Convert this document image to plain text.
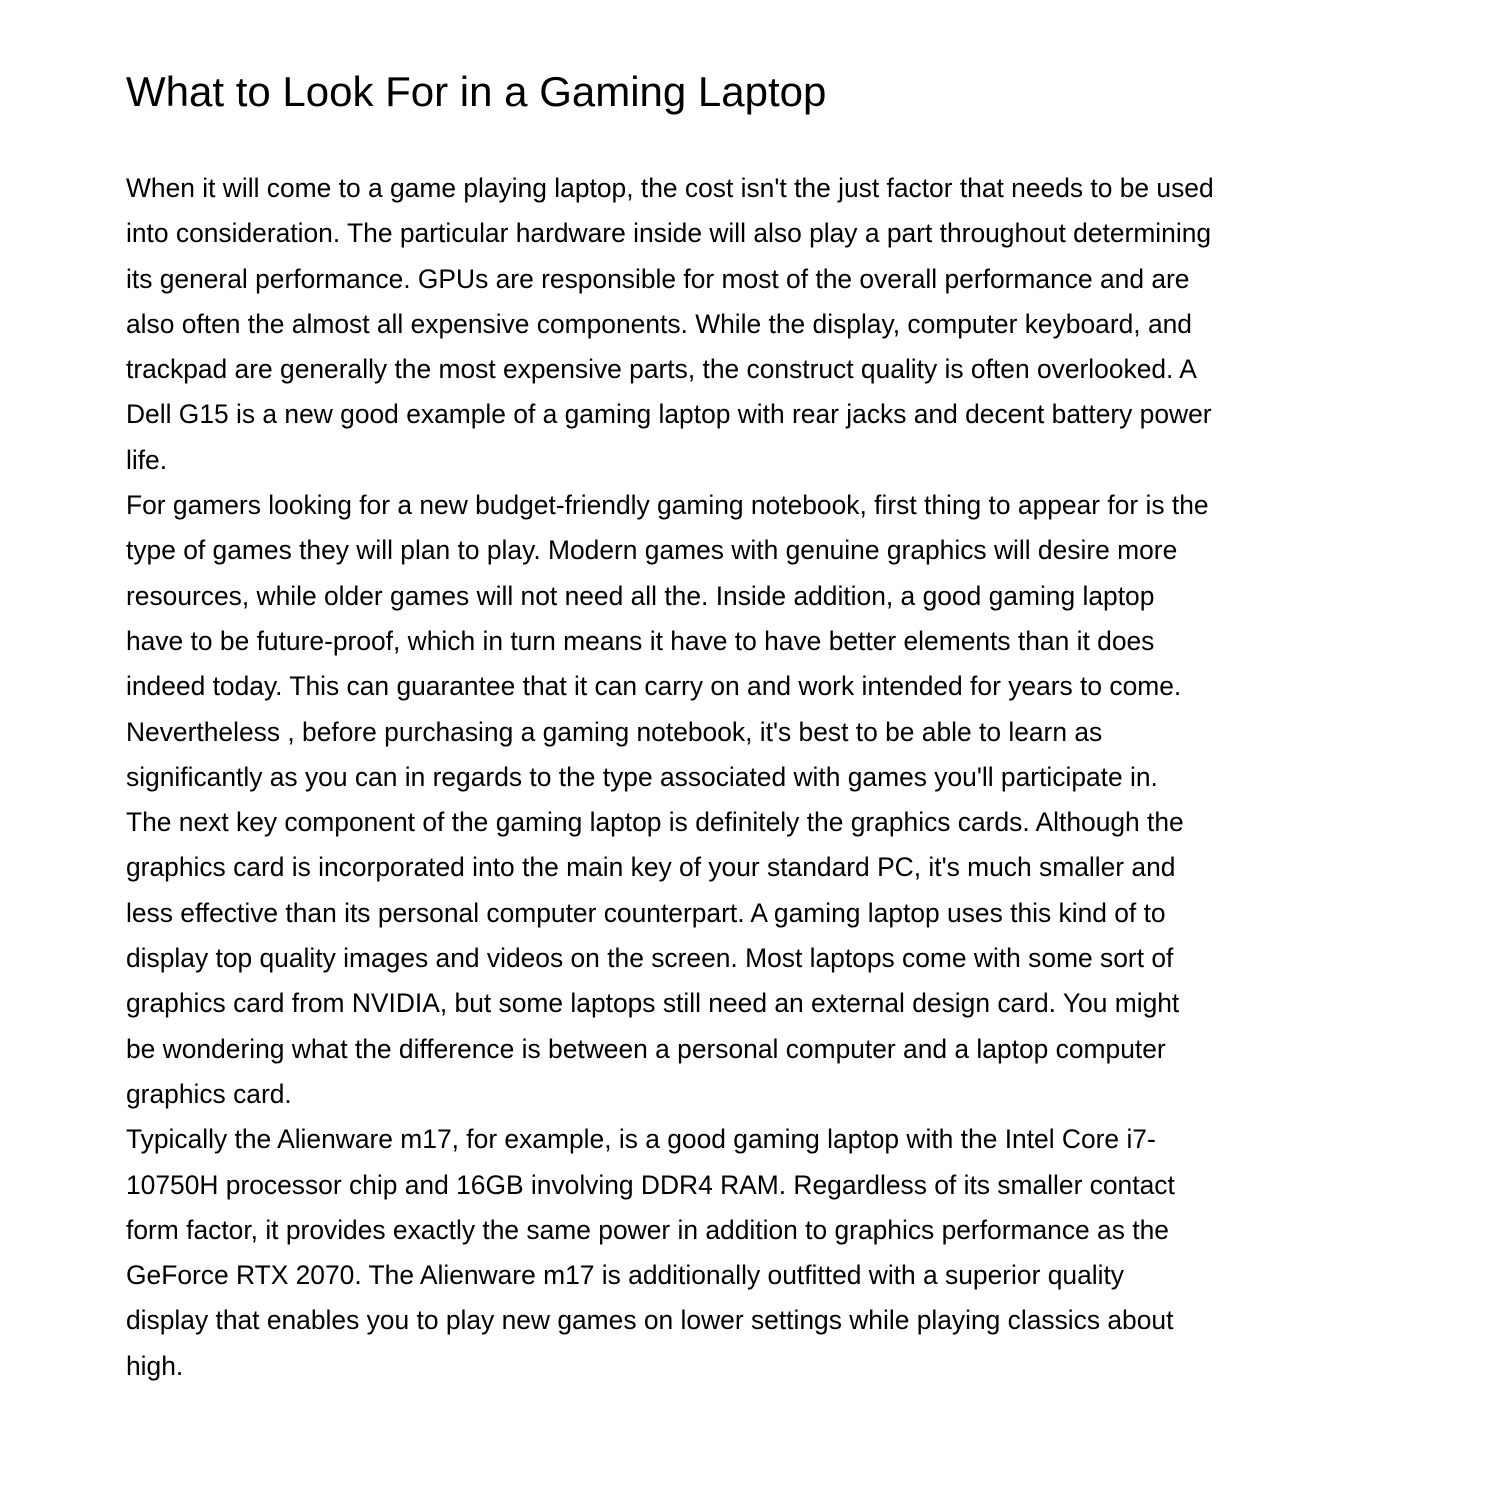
What to Look For in a Gaming Laptop

When it will come to a game playing laptop, the cost isn't the just factor that needs to be used
into consideration. The particular hardware inside will also play a part throughout determining
its general performance. GPUs are responsible for most of the overall performance and are
also often the almost all expensive components. While the display, computer keyboard, and
trackpad are generally the most expensive parts, the construct quality is often overlooked. A
Dell G15 is a new good example of a gaming laptop with rear jacks and decent battery power
life.

For gamers looking for a new budget-friendly gaming notebook, first thing to appear for is the
type of games they will plan to play. Modern games with genuine graphics will desire more
resources, while older games will not need all the. Inside addition, a good gaming laptop
have to be future-proof, which in turn means it have to have better elements than it does
indeed today. This can guarantee that it can carry on and work intended for years to come.
Nevertheless , before purchasing a gaming notebook, it's best to be able to learn as
significantly as you can in regards to the type associated with games you'll participate in.

The next key component of the gaming laptop is definitely the graphics cards. Although the
graphics card is incorporated into the main key of your standard PC, it's much smaller and
less effective than its personal computer counterpart. A gaming laptop uses this kind of to
display top quality images and videos on the screen. Most laptops come with some sort of
graphics card from NVIDIA, but some laptops still need an external design card. You might
be wondering what the difference is between a personal computer and a laptop computer
graphics card.

Typically the Alienware m17, for example, is a good gaming laptop with the Intel Core i7-
10750H processor chip and 16GB involving DDR4 RAM. Regardless of its smaller contact
form factor, it provides exactly the same power in addition to graphics performance as the
GeForce RTX 2070. The Alienware m17 is additionally outfitted with a superior quality
display that enables you to play new games on lower settings while playing classics about
high.
